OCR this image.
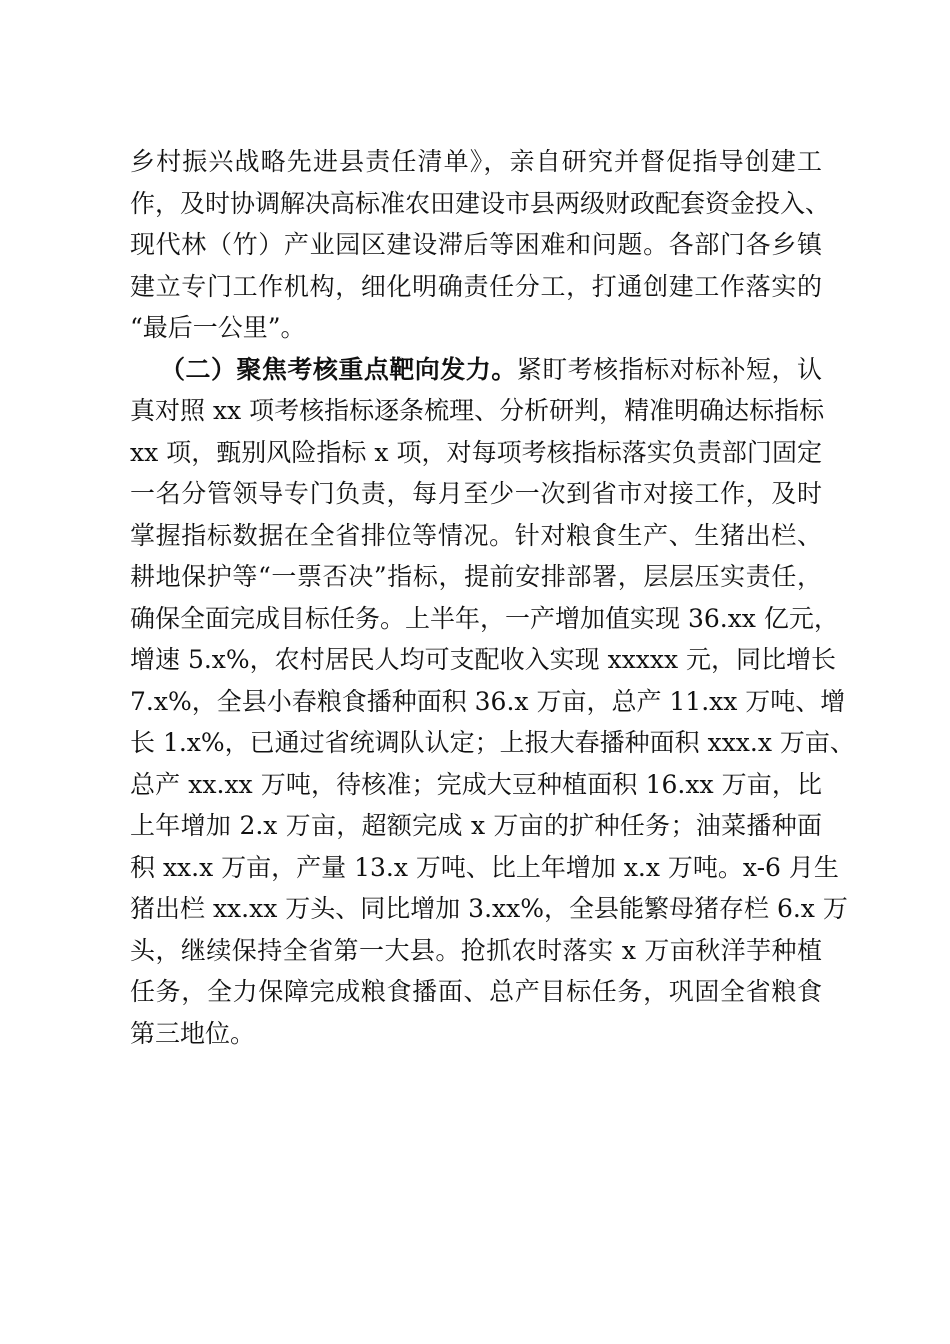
乡村振兴战略先进县责任清单》，亲自研究并督促指导创建工
作，及时协调解决高标准农田建设市县两级财政配套资金投入、
现代林（竹）产业园区建设滞后等困难和问题。各部门各乡镇
建立专门工作机构，细化明确责任分工，打通创建工作落实的
“最后一公里”。
（二）聚焦考核重点靶向发力。紧盯考核指标对标补短，认
真对照 xx 项考核指标逐条梳理、分析研判，精准明确达标指标
xx 项，甄别风险指标 x 项，对每项考核指标落实负责部门固定
一名分管领导专门负责，每月至少一次到省市对接工作，及时
掌握指标数据在全省排位等情况。针对粮食生产、生猪出栏、
耕地保护等“一票否决”指标，提前安排部署，层层压实责任，
确保全面完成目标任务。上半年，一产增加值实现 36.xx 亿元，
增速 5.x%，农村居民人均可支配收入实现 xxxxx 元，同比增长
7.x%，全县小春粮食播种面积 36.x 万亩，总产 11.xx 万吨、增
长 1.x%，已通过省统调队认定；上报大春播种面积 xxx.x 万亩、
总产 xx.xx 万吨，待核准；完成大豆种植面积 16.xx 万亩，比
上年增加 2.x 万亩，超额完成 x 万亩的扩种任务；油菜播种面
积 xx.x 万亩，产量 13.x 万吨、比上年增加 x.x 万吨。x-6 月生
猪出栏 xx.xx 万头、同比增加 3.xx%，全县能繁母猪存栏 6.x 万
头，继续保持全省第一大县。抢抓农时落实 x 万亩秋洋芋种植
任务，全力保障完成粮食播面、总产目标任务，巩固全省粮食
第三地位。
